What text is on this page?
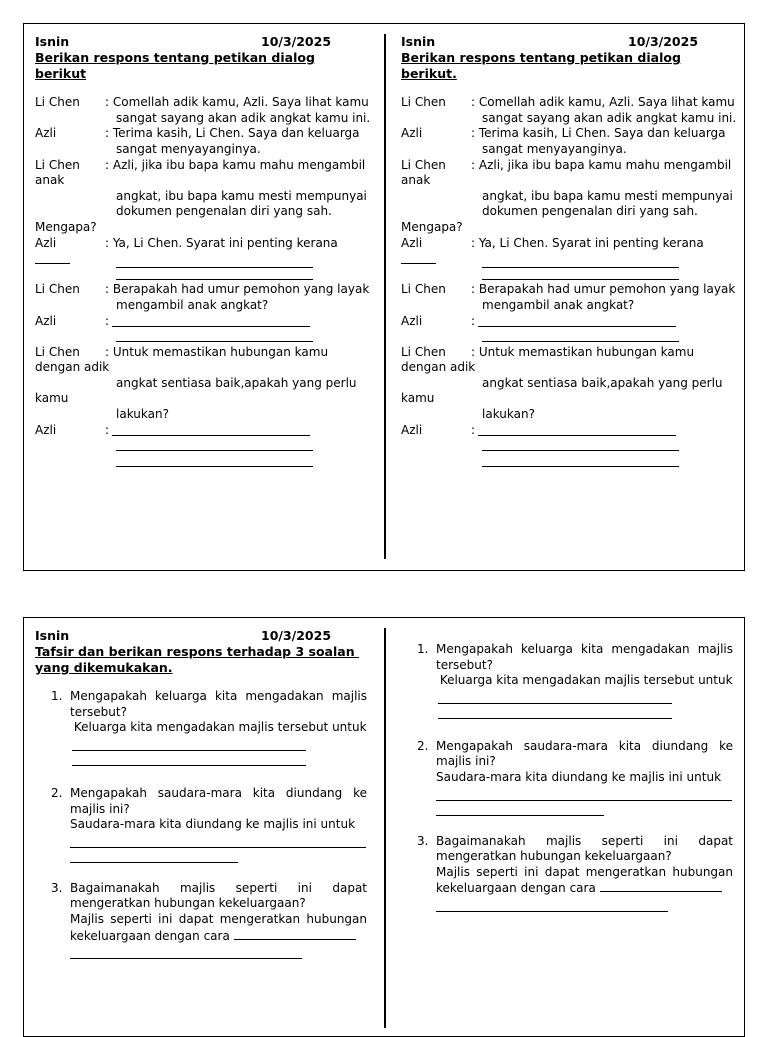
Isnin	10/3/2025
Berikan respons tentang petikan dialog berikut
Li Chen : Comellah adik kamu, Azli. Saya lihat kamu
sangat sayang akan adik angkat kamu ini.
Azli	: Terima kasih, Li Chen. Saya dan keluarga
sangat menyayanginya.
Li Chen : Azli, jika ibu bapa kamu mahu mengambil
anak
angkat, ibu bapa kamu mesti mempunyai
dokumen pengenalan diri yang sah.
Mengapa?
Azli	: Ya, Li Chen. Syarat ini penting kerana
Li Chen : Berapakah had umur pemohon yang layak
mengambil anak angkat?
Azli	:
Li Chen : Untuk memastikan hubungan kamu
dengan adik
angkat sentiasa baik,apakah yang perlu
kamu
lakukan?
Azli	:
Isnin	10/3/2025
Berikan respons tentang petikan dialog berikut.
Li Chen : Comellah adik kamu, Azli. Saya lihat kamu
sangat sayang akan adik angkat kamu ini.
Azli	: Terima kasih, Li Chen. Saya dan keluarga
sangat menyayanginya.
Li Chen : Azli, jika ibu bapa kamu mahu mengambil
anak
angkat, ibu bapa kamu mesti mempunyai
dokumen pengenalan diri yang sah.
Mengapa?
Azli	: Ya, Li Chen. Syarat ini penting kerana
Li Chen : Berapakah had umur pemohon yang layak
mengambil anak angkat?
Azli	:
Li Chen : Untuk memastikan hubungan kamu
dengan adik
angkat sentiasa baik,apakah yang perlu
kamu
lakukan?
Azli	:
Isnin	10/3/2025
Tafsir dan berikan respons terhadap 3 soalan
yang dikemukakan.
1. Mengapakah keluarga kita mengadakan majlis tersebut?
Keluarga kita mengadakan majlis tersebut untuk
2. Mengapakah saudara-mara kita diundang ke majlis ini?
Saudara-mara kita diundang ke majlis ini untuk
3. Bagaimanakah majlis seperti ini dapat mengeratkan hubungan kekeluargaan?
Majlis seperti ini dapat mengeratkan hubungan kekeluargaan dengan cara
1. Mengapakah keluarga kita mengadakan majlis tersebut?
Keluarga kita mengadakan majlis tersebut untuk
2. Mengapakah saudara-mara kita diundang ke majlis ini?
Saudara-mara kita diundang ke majlis ini untuk
3. Bagaimanakah majlis seperti ini dapat mengeratkan hubungan kekeluargaan?
Majlis seperti ini dapat mengeratkan hubungan kekeluargaan dengan cara
